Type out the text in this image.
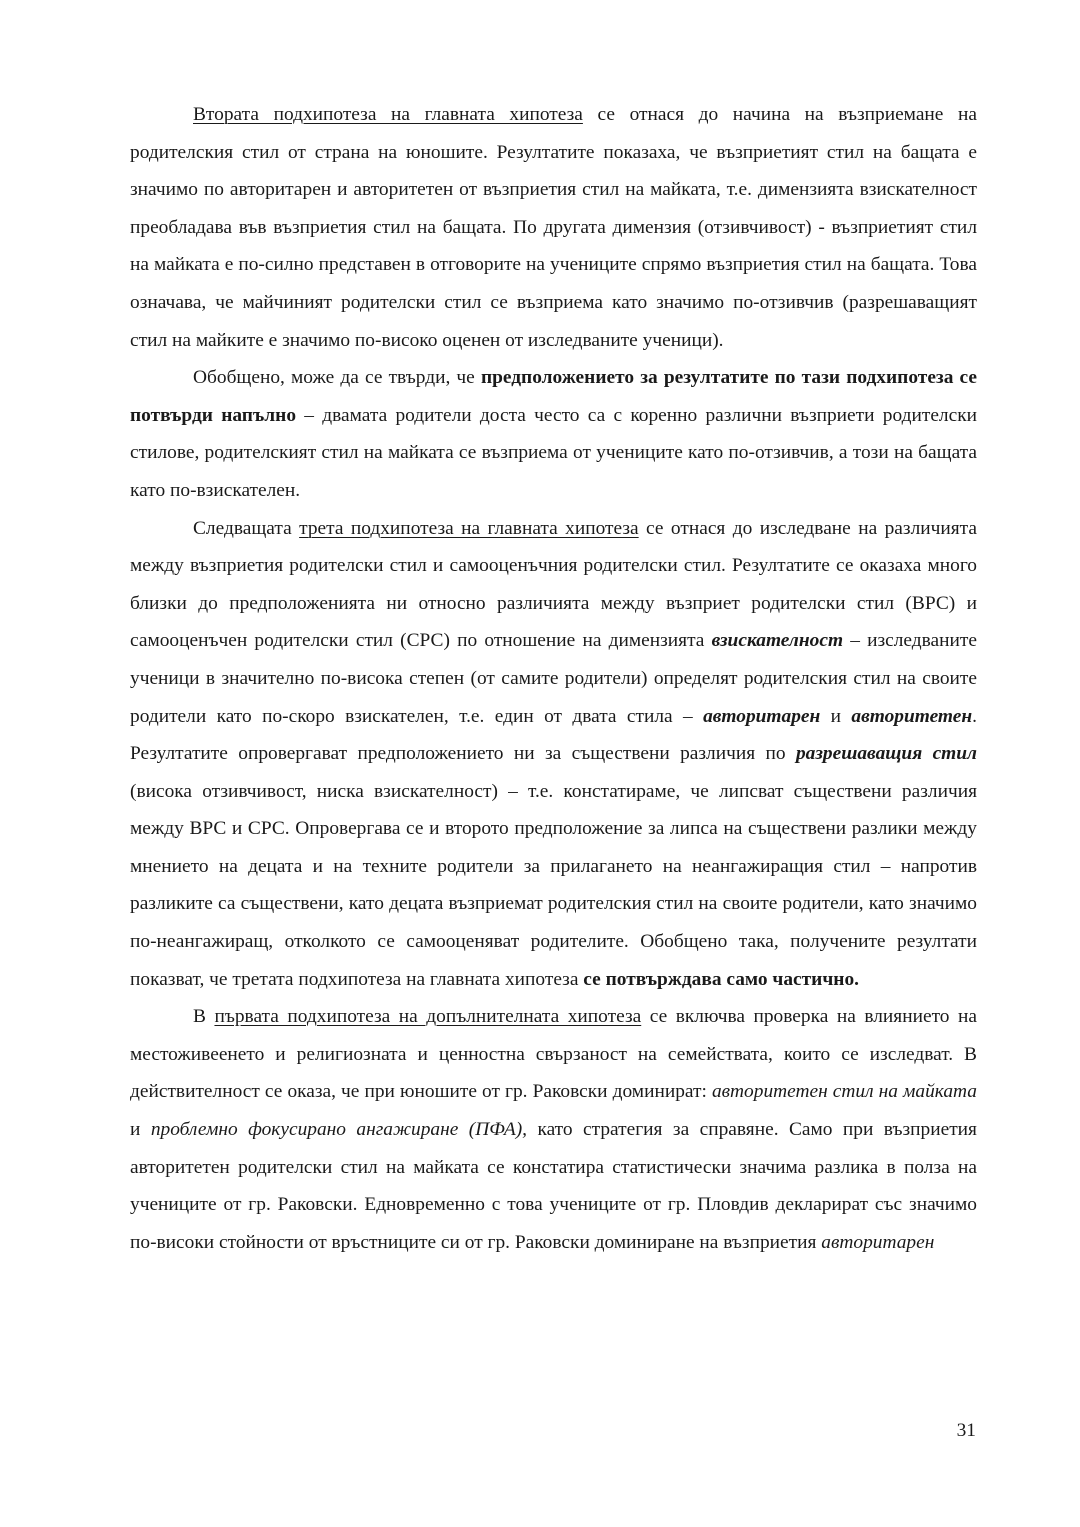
Втората подхипотеза на главната хипотеза се отнася до начина на възприемане на родителския стил от страна на юношите. Резултатите показаха, че възприетият стил на бащата е значимо по авторитарен и авторитетен от възприетия стил на майката, т.е. димензията взискателност преобладава във възприетия стил на бащата. По другата димензия (отзивчивост) - възприетият стил на майката е по-силно представен в отговорите на учениците спрямо възприетия стил на бащата. Това означава, че майчиният родителски стил се възприема като значимо по-отзивчив (разрешаващият стил на майките е значимо по-високо оценен от изследваните ученици).

Обобщено, може да се твърди, че предположението за резултатите по тази подхипотеза се потвърди напълно – двамата родители доста често са с коренно различни възприети родителски стилове, родителският стил на майката се възприема от учениците като по-отзивчив, а този на бащата като по-взискателен.

Следващата трета подхипотеза на главната хипотеза се отнася до изследване на различията между възприетия родителски стил и самооценъчния родителски стил. Резултатите се оказаха много близки до предположенията ни относно различията между възприет родителски стил (ВРС) и самооценъчен родителски стил (СРС) по отношение на димензията взискателност – изследваните ученици в значително по-висока степен (от самите родители) определят родителския стил на своите родители като по-скоро взискателен, т.е. един от двата стила – авторитарен и авторитетен. Резултатите опровергават предположението ни за съществени различия по разрешаващия стил (висока отзивчивост, ниска взискателност) – т.е. констатираме, че липсват съществени различия между ВРС и СРС. Опровергава се и второто предположение за липса на съществени разлики между мнението на децата и на техните родители за прилагането на неангажиращия стил – напротив разликите са съществени, като децата възприемат родителския стил на своите родители, като значимо по-неангажиращ, отколкото се самооценяват родителите. Обобщено така, получените резултати показват, че третата подхипотеза на главната хипотеза се потвърждава само частично.

В първата подхипотеза на допълнителната хипотеза се включва проверка на влиянието на местоживеенето и религиозната и ценностна свързаност на семействата, които се изследват. В действителност се оказа, че при юношите от гр. Раковски доминират: авторитетен стил на майката и проблемно фокусирано ангажиране (ПФА), като стратегия за справяне. Само при възприетия авторитетен родителски стил на майката се констатира статистически значима разлика в полза на учениците от гр. Раковски. Едновременно с това учениците от гр. Пловдив декларират със значимо по-високи стойности от връстниците си от гр. Раковски доминиране на възприетия авторитарен

31
